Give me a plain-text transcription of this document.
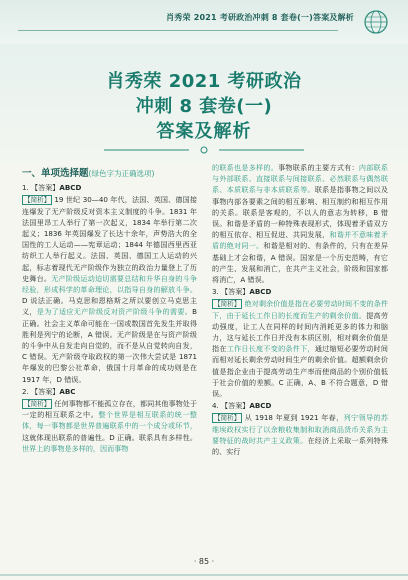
肖秀荣 2021 考研政治冲刺 8 套卷(一)答案及解析
肖秀荣 2021 考研政治
冲刺 8 套卷(一)
答案及解析
一、单项选择题(绿色字为正确选项)

1. 【答案】ABCD

【简析】 19 世纪 30—40 年代，法国、英国、德国接连爆发了无产阶级反对资本主义制度的斗争。1831 年法国里昂工人举行了第一次起义，1834 年举行第二次起义；1836 年英国爆发了长达十余年，声势浩大的全国性的工人运动——宪章运动；1844 年德国西里西亚纺织工人举行起义。法国、英国、德国工人运动的兴起，标志着现代无产阶级作为独立的政治力量登上了历史舞台。无产阶级运动迫切需要总结和升华自身的斗争经验，形成科学的革命理论，以指导自身的解放斗争。D 说法正确。马克思和恩格斯之所以要创立马克思主义，是为了适应无产阶级反对资产阶级斗争的需要。B 正确。社会主义革命可能在一国或数国首先发生并取得胜利是列宁的论断，A 错误。无产阶级是在与资产阶级的斗争中从自发走向自觉的，而不是从自觉转向自发，C 错误。无产阶级夺取政权的第一次伟大尝试是 1871 年爆发的巴黎公社革命，俄国十月革命的成功则是在 1917 年，D 错误。

2. 【答案】ABC

【简析】 任何事物都不能孤立存在，都同其他事物处于一定的相互联系之中。整个世界是相互联系的统一整体，每一事物都是世界普遍联系中的一个成分或环节，这就体现出联系的普遍性。D 正确。联系具有多样性。世界上的事物是多样的，因而事物

的联系也是多样的。事物联系的主要方式有：内部联系与外部联系、直接联系与间接联系、必然联系与偶然联系、本质联系与非本质联系等。联系是指事物之间以及事物内部各要素之间的相互影响、相互制约和相互作用的关系。联系是客观的，不以人的意志为转移，B 错误。和谐是矛盾的一种特殊表现形式，体现着矛盾双方的相互依存、相互促进、共同发展，和谐并不意味着矛盾的绝对同一。和谐是相对的、有条件的，只有在差异基础上才会和谐，A 错误。国家是一个历史范畴，有它的产生、发展和消亡，在共产主义社会，阶级和国家都将消亡，A 错误。

3. 【答案】ABCD

【简析】 绝对剩余价值是指在必要劳动时间不变的条件下，由于延长工作日的长度而生产的剩余价值。提高劳动强度，让工人在同样的时间内消耗更多的体力和脑力，这与延长工作日并没有本质区别，相对剩余价值是指在工作日长度不变的条件下，通过缩短必要劳动时间而相对延长剩余劳动时间生产的剩余价值。超额剩余价值是指企业由于提高劳动生产率而使商品的个别价值低于社会价值的差额。C 正确，A、B 不符合题意，D 错误。

4. 【答案】ABCD

【简析】 从 1918 年夏到 1921 年春，列宁领导的苏维埃政权实行了以余粮收集制和取消商品货币关系为主要特征的战时共产主义政策。在经济上采取一系列特殊的、实行

· 85 ·
